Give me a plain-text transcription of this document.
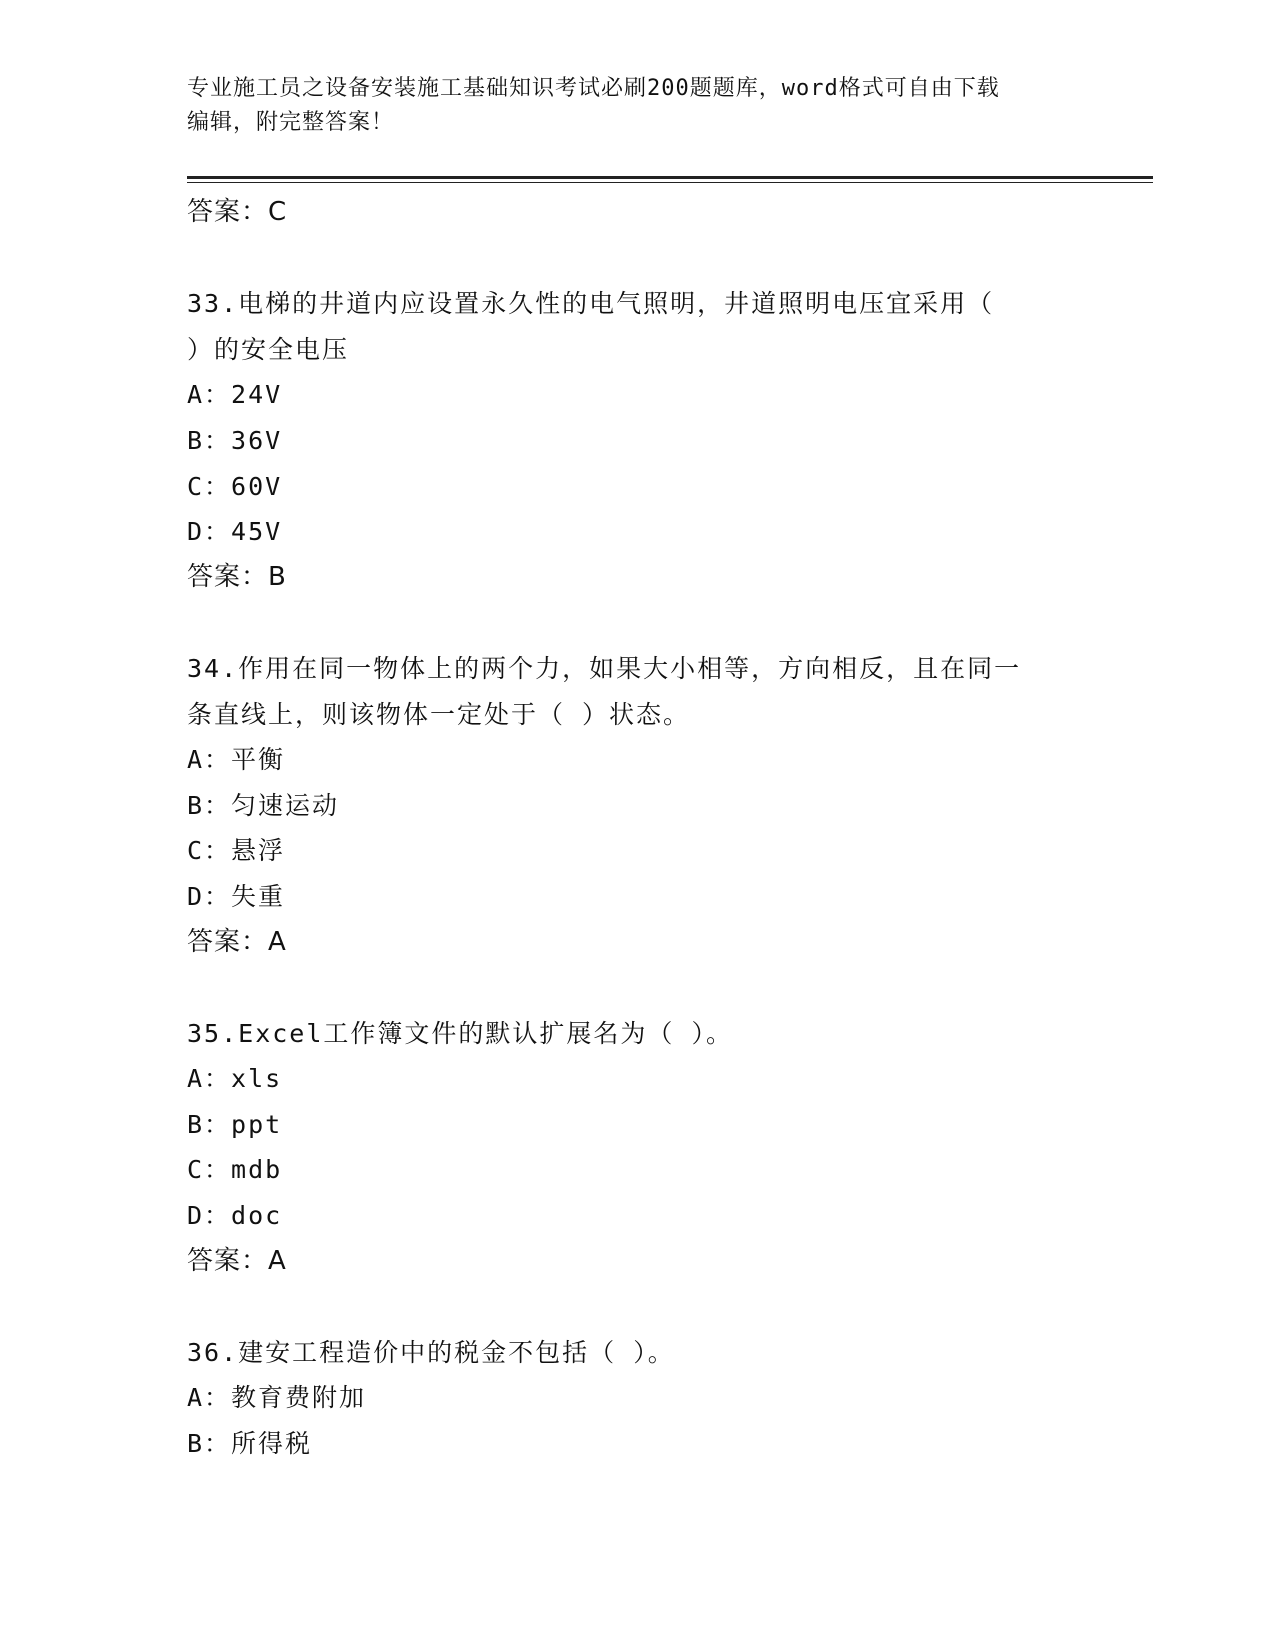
专业施工员之设备安装施工基础知识考试必刷200题题库，word格式可自由下载
编辑，附完整答案！
答案：C
33.电梯的井道内应设置永久性的电气照明，井道照明电压宜采用（
）的安全电压
A：24V
B：36V
C：60V
D：45V
答案：B
34.作用在同一物体上的两个力，如果大小相等，方向相反，且在同一
条直线上，则该物体一定处于（ ）状态。
A：平衡
B：匀速运动
C：悬浮
D：失重
答案：A
35.Excel工作簿文件的默认扩展名为（ ）。
A：xls
B：ppt
C：mdb
D：doc
答案：A
36.建安工程造价中的税金不包括（ ）。
A：教育费附加
B：所得税
